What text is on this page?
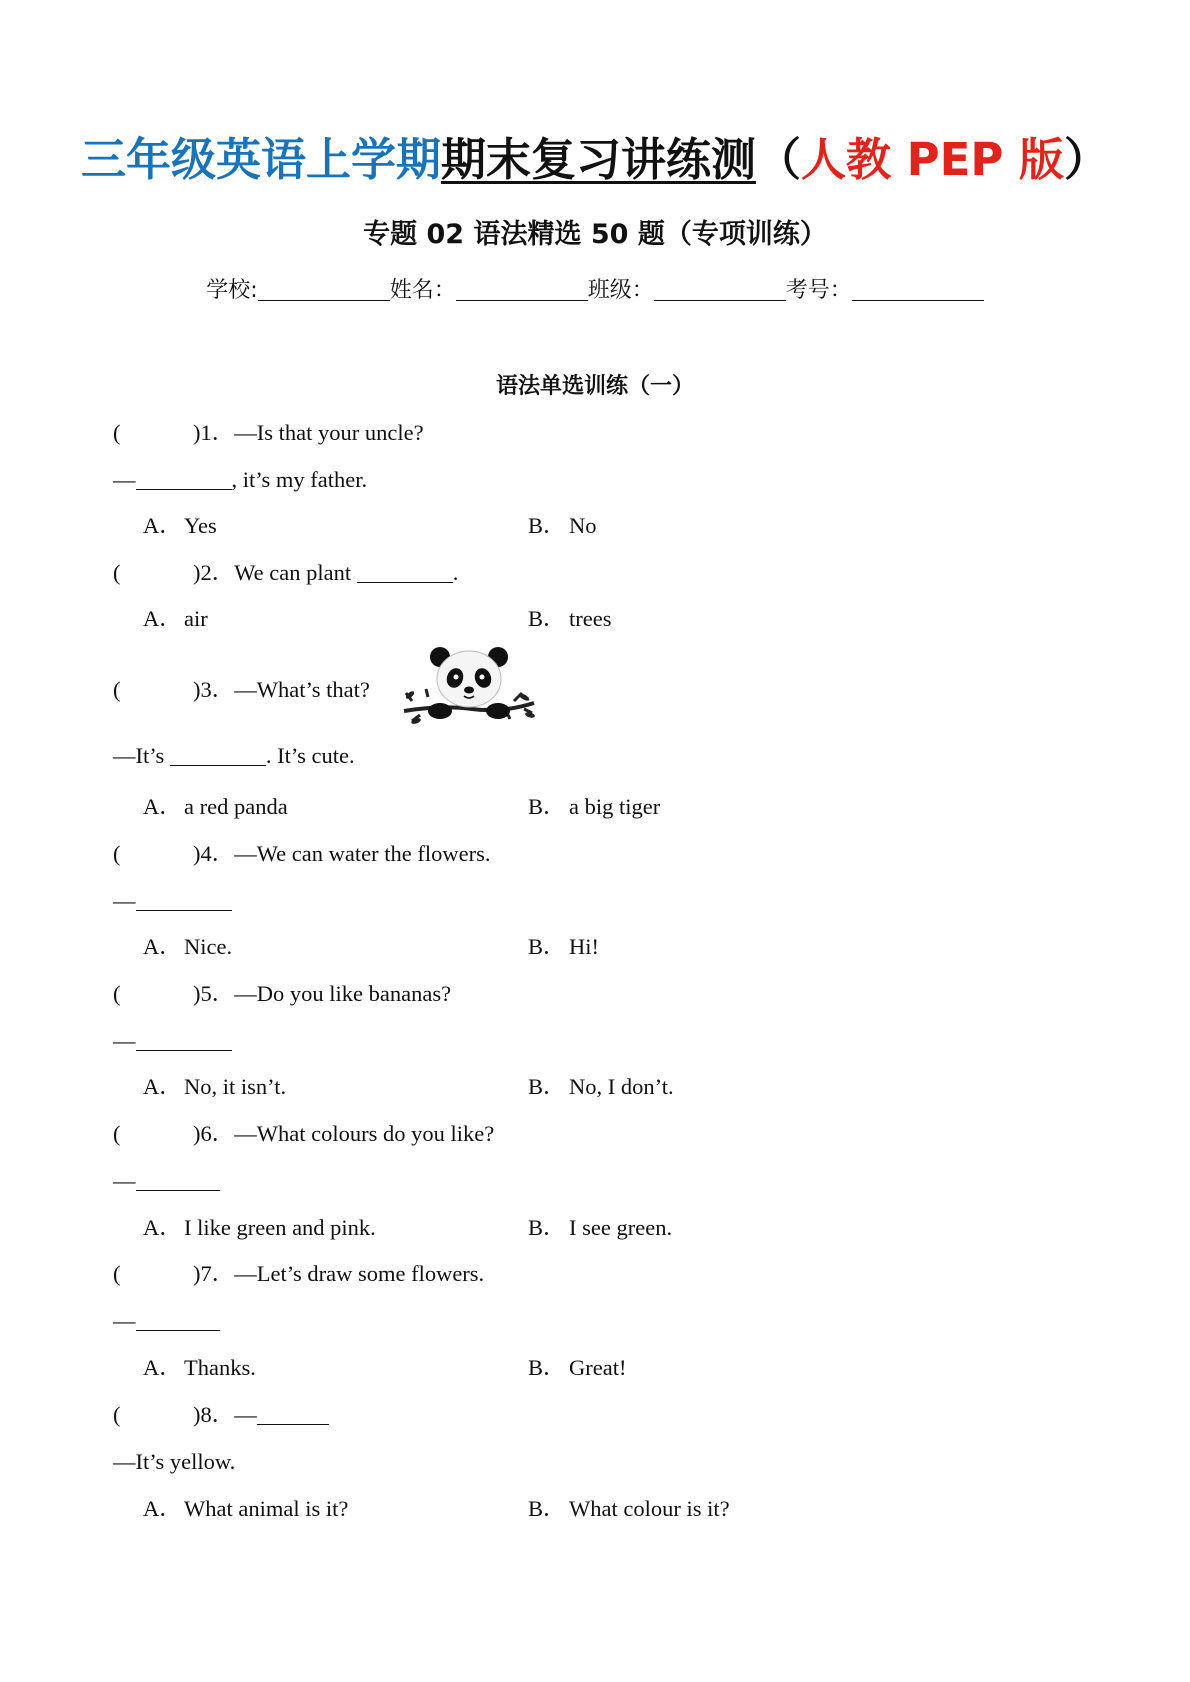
三年级英语上学期期末复习讲练测（人教 PEP 版）
专题 02 语法精选 50 题（专项训练）
学校:	姓名：	班级：	考号：
语法单选训练（一）
(	)1．—Is that your uncle?
—	, it’s my father.
A． Yes	B． No
(	)2．We can plant	.
A． air	B． trees
(	)3．—What’s that?
—It’s	. It’s cute.
A． a red panda	B． a big tiger
(	)4．—We can water the flowers.
—
A． Nice.	B． Hi!
(	)5．—Do you like bananas?
—
A． No, it isn’t.	B． No, I don’t.
(	)6．—What colours do you like?
—
A． I like green and pink.	B． I see green.
(	)7．—Let’s draw some flowers.
—
A． Thanks.	B． Great!
(	)8．—
—It’s yellow.
A． What animal is it?	B． What colour is it?
